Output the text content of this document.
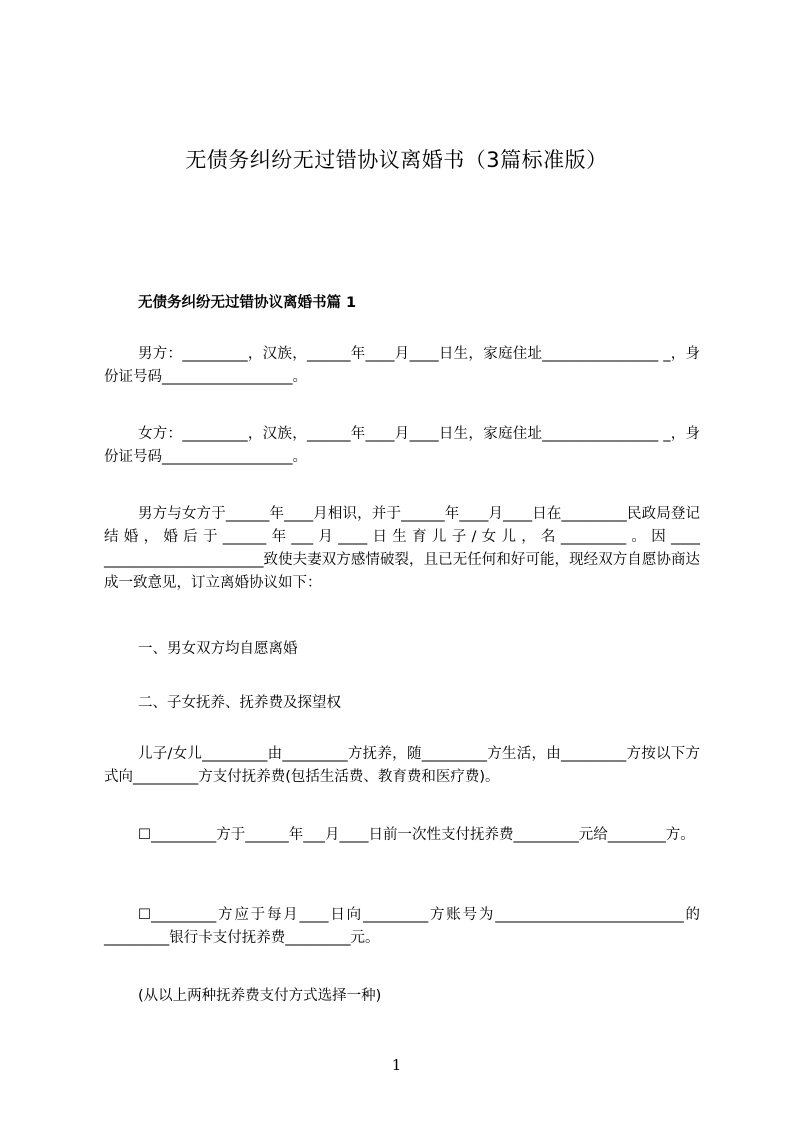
无债务纠纷无过错协议离婚书（3篇标准版）
无债务纠纷无过错协议离婚书篇 1
男方：_________，汉族，______年____月____日生，家庭住址________________ _，身份证号码__________________。
女方：_________，汉族，______年____月____日生，家庭住址________________ _，身份证号码__________________。
男方与女方于______年____月相识，并于______年____月____日在_________民政局登记结婚，婚后于______年___月____日生育儿子/女儿，名_________。因____ ______________________致使夫妻双方感情破裂，且已无任何和好可能，现经双方自愿协商达成一致意见，订立离婚协议如下：
一、男女双方均自愿离婚
二、子女抚养、抚养费及探望权
儿子/女儿_________由_________方抚养，随_________方生活，由_________方按以下方式向_________方支付抚养费(包括生活费、教育费和医疗费)。
☐_________方于______年___月____日前一次性支付抚养费_________元给________方。
☐_________方应于每月____日向_________方账号为__________________________的_________银行卡支付抚养费_________元。
(从以上两种抚养费支付方式选择一种)
1
